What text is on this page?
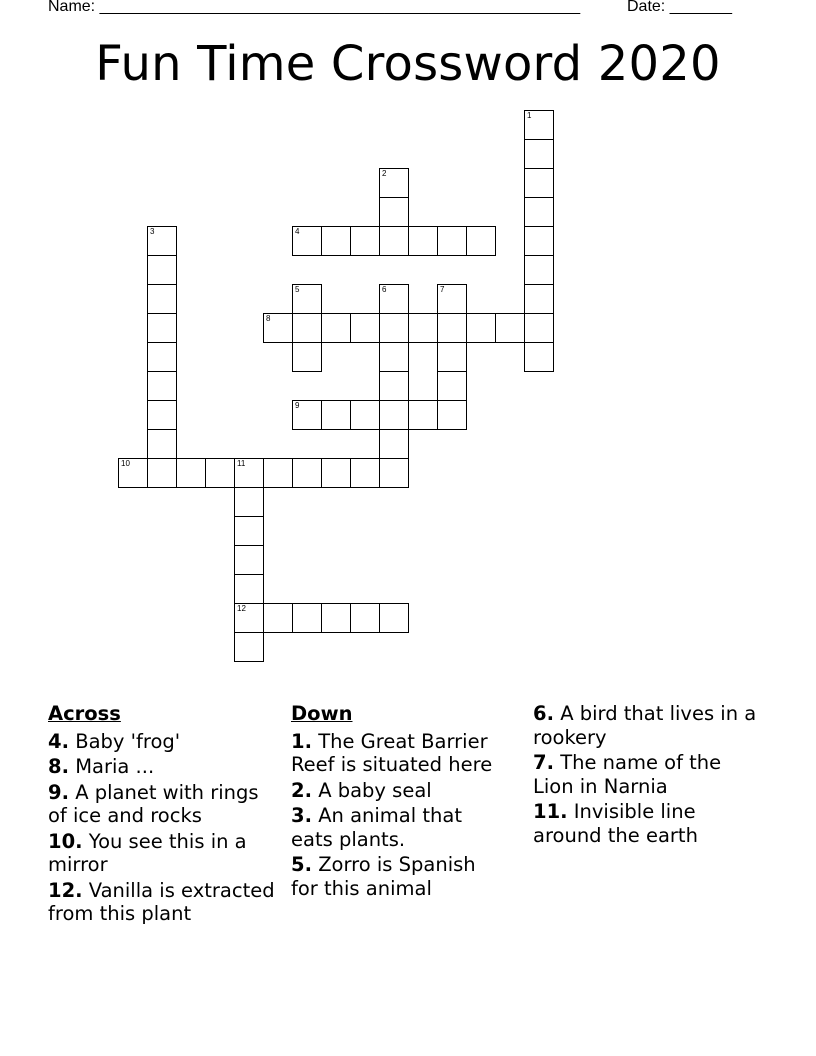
Name: ______________________________________________________	Date: _______
Fun Time Crossword 2020
1
2
3	4
5	6	7
8
9
10	11
12
Across
4. Baby 'frog'
8. Maria ...
9. A planet with rings of ice and rocks
10. You see this in a mirror
12. Vanilla is extracted from this plant
Down
1. The Great Barrier Reef is situated here
2. A baby seal
3. An animal that eats plants.
5. Zorro is Spanish for this animal
6. A bird that lives in a rookery
7. The name of the Lion in Narnia
11. Invisible line around the earth
